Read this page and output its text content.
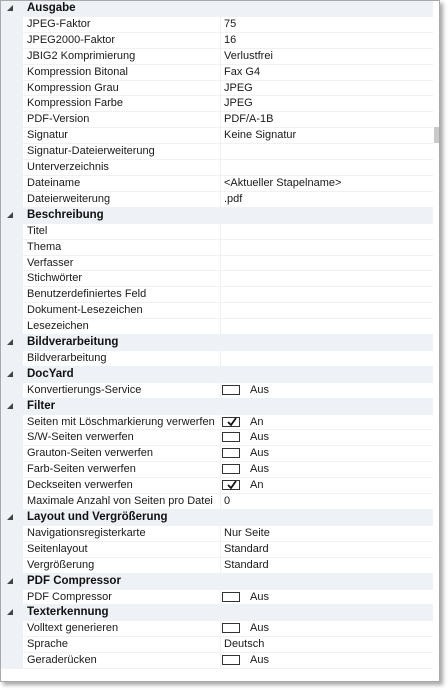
Ausgabe
JPEG-Faktor	75
JPEG2000-Faktor	16
JBIG2 Komprimierung	Verlustfrei
Kompression Bitonal	Fax G4
Kompression Grau	JPEG
Kompression Farbe	JPEG
PDF-Version	PDF/A-1B
Signatur	Keine Signatur
Signatur-Dateierweiterung
Unterverzeichnis
Dateiname	<Aktueller Stapelname>
Dateierweiterung	.pdf
Beschreibung
Titel
Thema
Verfasser
Stichwörter
Benutzerdefiniertes Feld
Dokument-Lesezeichen
Lesezeichen
Bildverarbeitung
Bildverarbeitung
DocYard
Konvertierungs-Service	Aus
Filter
Seiten mit Löschmarkierung verwerfen	An
S/W-Seiten verwerfen	Aus
Grauton-Seiten verwerfen	Aus
Farb-Seiten verwerfen	Aus
Deckseiten verwerfen	An
Maximale Anzahl von Seiten pro Datei 0
Layout und Vergrößerung
Navigationsregisterkarte	Nur Seite
Seitenlayout	Standard
Vergrößerung	Standard
PDF Compressor
PDF Compressor	Aus
Texterkennung
Volltext generieren	Aus
Sprache	Deutsch
Geraderücken	Aus
